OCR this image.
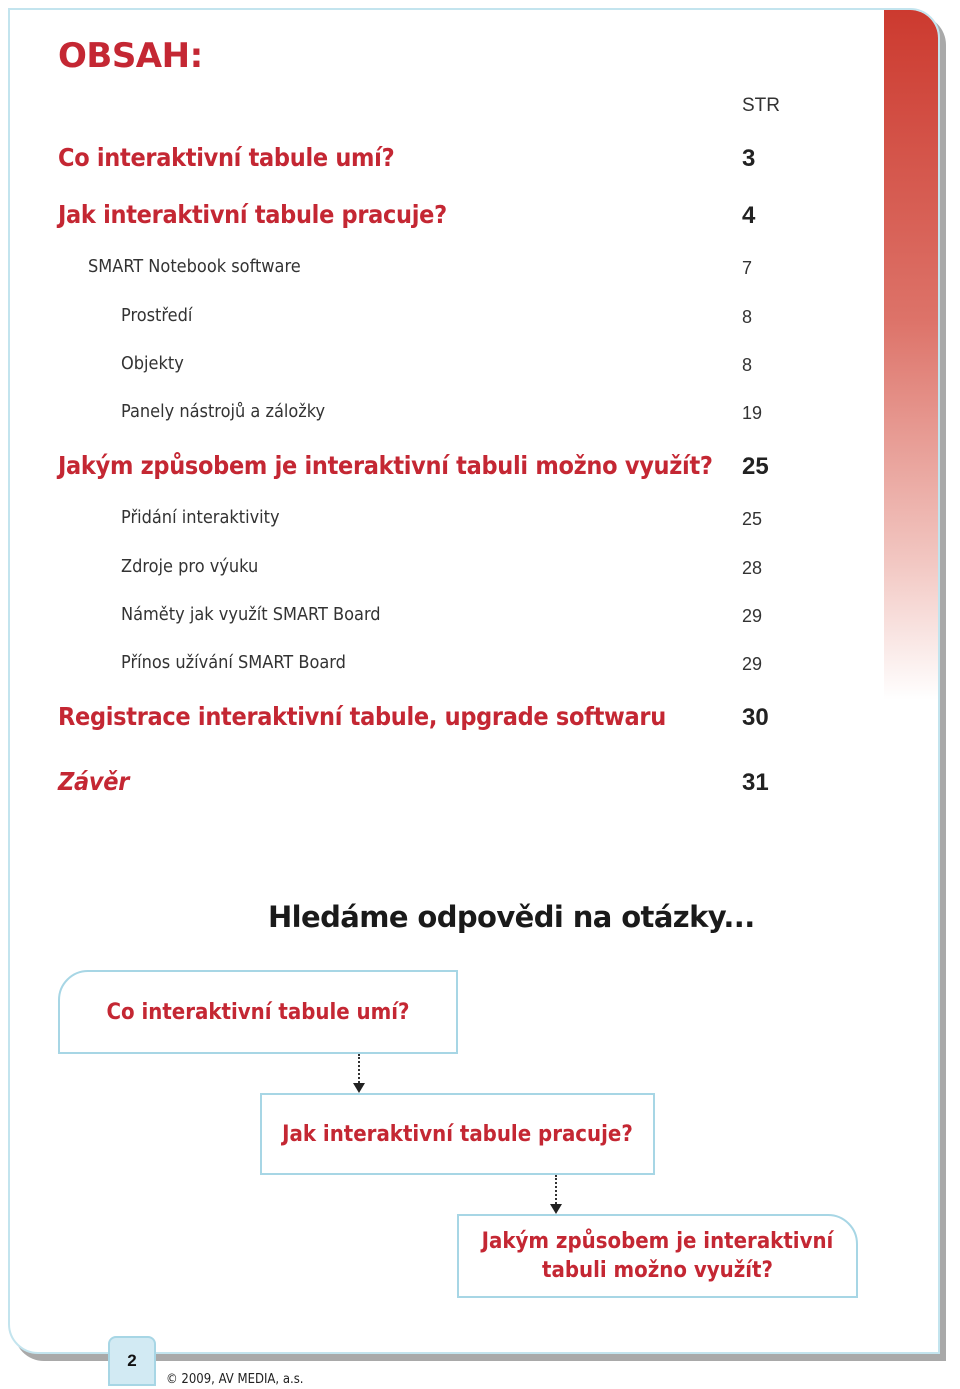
OBSAH:
STR
Co interaktivní tabule umí?	3
Jak interaktivní tabule pracuje?	4
SMART Notebook software	7
Prostředí	8
Objekty	8
Panely nástrojů a záložky	19
Jakým způsobem je interaktivní tabuli možno využít? 25
Přidání interaktivity	25
Zdroje pro výuku	28
Náměty jak využít SMART Board	29
Přínos užívání SMART Board	29
Registrace interaktivní tabule, upgrade softwaru	30
Závěr	31
Hledáme odpovědi na otázky...
Co interaktivní tabule umí?
Jak interaktivní tabule pracuje?
Jakým způsobem je interaktivní
tabuli možno využít?
2
© 2009, AV MEDIA, a.s.
